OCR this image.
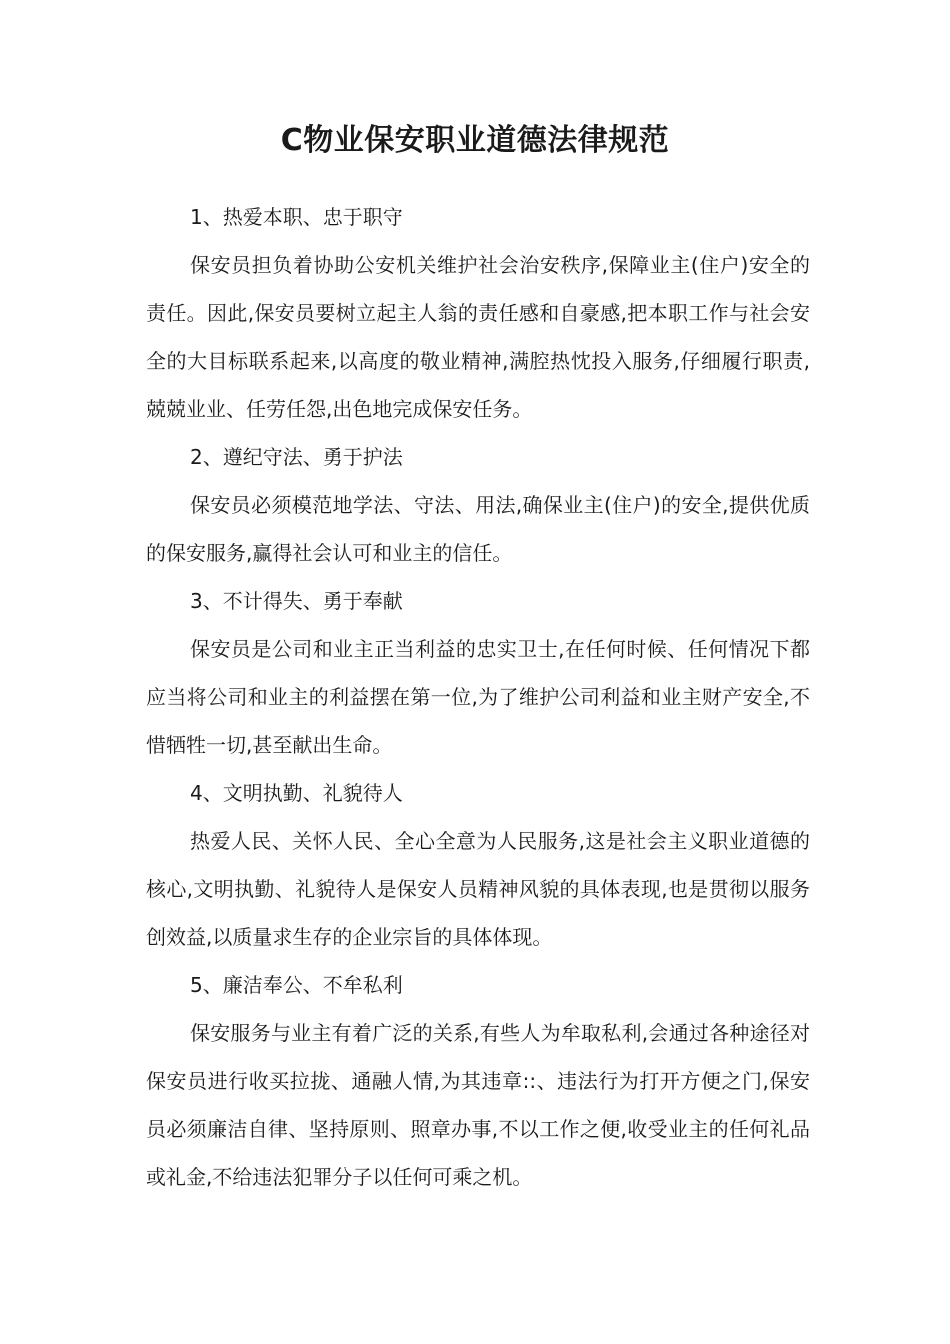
C物业保安职业道德法律规范

1、热爱本职、忠于职守

保安员担负着协助公安机关维护社会治安秩序,保障业主(住户)安全的责任。因此,保安员要树立起主人翁的责任感和自豪感,把本职工作与社会安全的大目标联系起来,以高度的敬业精神,满腔热忱投入服务,仔细履行职责,兢兢业业、任劳任怨,出色地完成保安任务。

2、遵纪守法、勇于护法

保安员必须模范地学法、守法、用法,确保业主(住户)的安全,提供优质的保安服务,赢得社会认可和业主的信任。

3、不计得失、勇于奉献

保安员是公司和业主正当利益的忠实卫士,在任何时候、任何情况下都应当将公司和业主的利益摆在第一位,为了维护公司利益和业主财产安全,不惜牺牲一切,甚至献出生命。

4、文明执勤、礼貌待人

热爱人民、关怀人民、全心全意为人民服务,这是社会主义职业道德的核心,文明执勤、礼貌待人是保安人员精神风貌的具体表现,也是贯彻以服务创效益,以质量求生存的企业宗旨的具体体现。

5、廉洁奉公、不牟私利

保安服务与业主有着广泛的关系,有些人为牟取私利,会通过各种途径对保安员进行收买拉拢、通融人情,为其违章::、违法行为打开方便之门,保安员必须廉洁自律、坚持原则、照章办事,不以工作之便,收受业主的任何礼品或礼金,不给违法犯罪分子以任何可乘之机。
